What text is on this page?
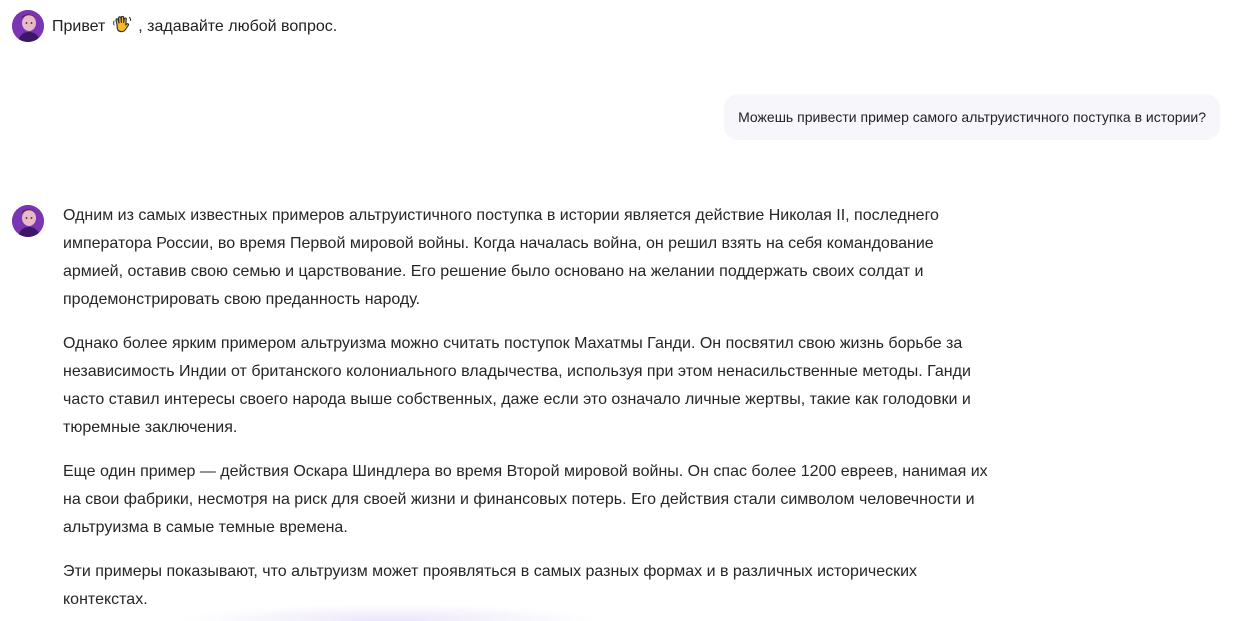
Привет , задавайте любой вопрос.
Можешь привести пример самого альтруистичного поступка в истории?

Одним из самых известных примеров альтруистичного поступка в истории является действие Николая II, последнего императора России, во время Первой мировой войны. Когда началась война, он решил взять на себя командование армией, оставив свою семью и царствование. Его решение было основано на желании поддержать своих солдат и продемонстрировать свою преданность народу.

Однако более ярким примером альтруизма можно считать поступок Махатмы Ганди. Он посвятил свою жизнь борьбе за независимость Индии от британского колониального владычества, используя при этом ненасильственные методы. Ганди часто ставил интересы своего народа выше собственных, даже если это означало личные жертвы, такие как голодовки и тюремные заключения.

Еще один пример — действия Оскара Шиндлера во время Второй мировой войны. Он спас более 1200 евреев, нанимая их на свои фабрики, несмотря на риск для своей жизни и финансовых потерь. Его действия стали символом человечности и альтруизма в самые темные времена.

Эти примеры показывают, что альтруизм может проявляться в самых разных формах и в различных исторических контекстах.
